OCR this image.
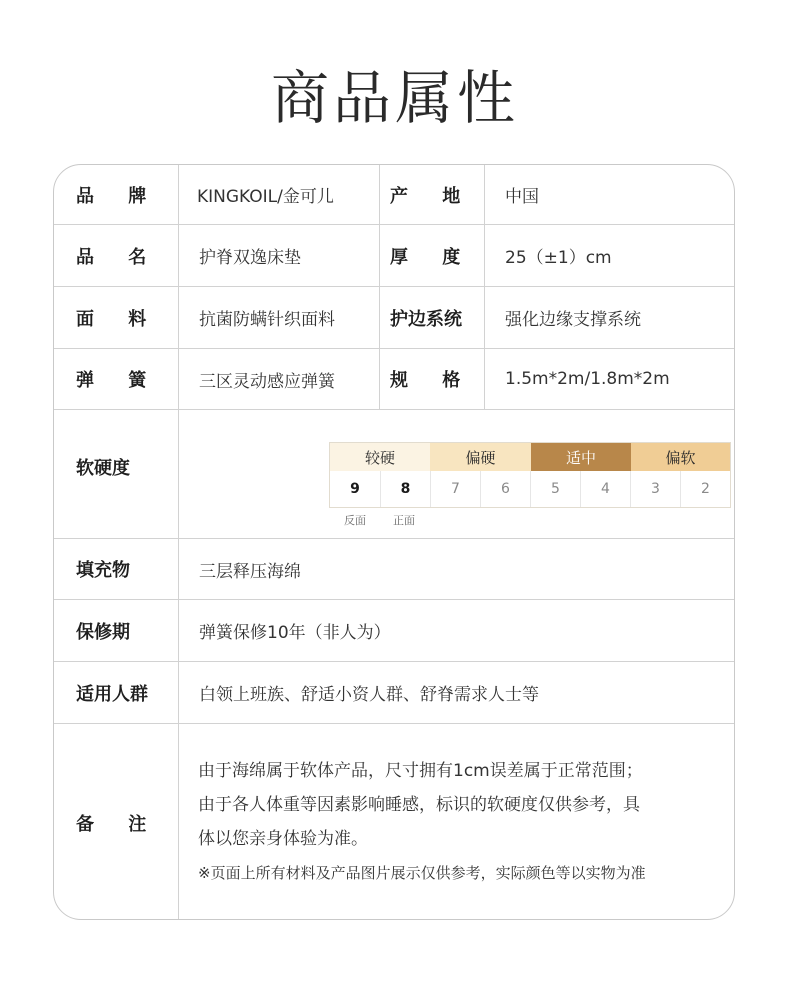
商品属性
品 牌	KINGKOIL/金可儿	产 地	中国
品 名	护脊双逸床垫	厚 度	25（±1）cm
面 料	抗菌防螨针织面料	护边系统	强化边缘支撑系统
弹 簧	三区灵动感应弹簧	规 格	1.5m*2m/1.8m*2m
软硬度
较硬	偏硬	适中	偏软
9	8	7	6	5	4	3	2
反面	正面
填充物	三层释压海绵
保修期	弹簧保修10年（非人为）
适用人群	白领上班族、舒适小资人群、舒脊需求人士等
备 注
由于海绵属于软体产品，尺寸拥有1cm误差属于正常范围；
由于各人体重等因素影响睡感，标识的软硬度仅供参考，具
体以您亲身体验为准。
※页面上所有材料及产品图片展示仅供参考，实际颜色等以实物为准
